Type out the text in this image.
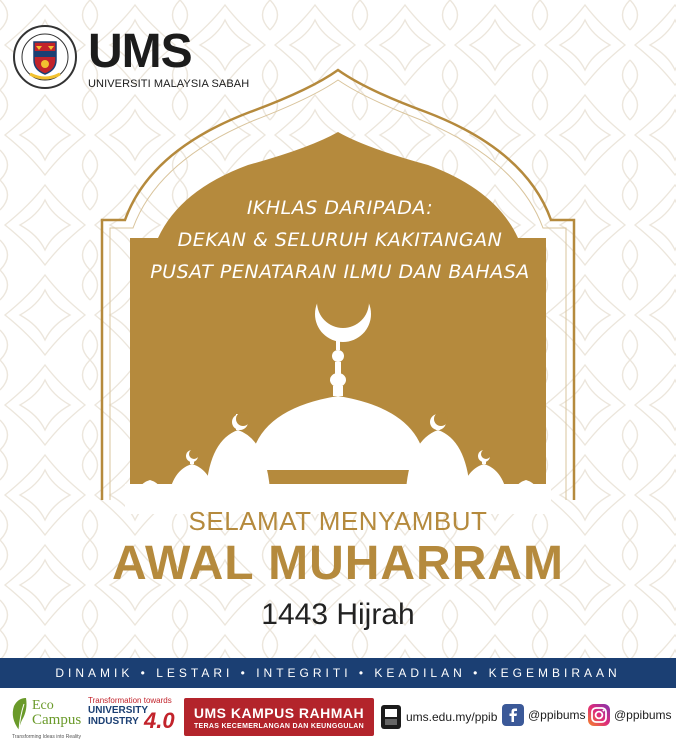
UMS
UNIVERSITI MALAYSIA SABAH
IKHLAS DARIPADA:
DEKAN & SELURUH KAKITANGAN
PUSAT PENATARAN ILMU DAN BAHASA
SELAMAT MENYAMBUT
AWAL MUHARRAM
1443 Hijrah
DINAMIK • LESTARI • INTEGRITI • KEADILAN • KEGEMBIRAAN
Eco
Campus
Transforming Ideas into Reality
Transformation towards
UNIVERSITY
INDUSTRY 4.0 UMS KAMPUS RAHMAH
TERAS KECEMERLANGAN DAN KEUNGGULAN
ums.edu.my/ppib	@ppibums @ppibums
